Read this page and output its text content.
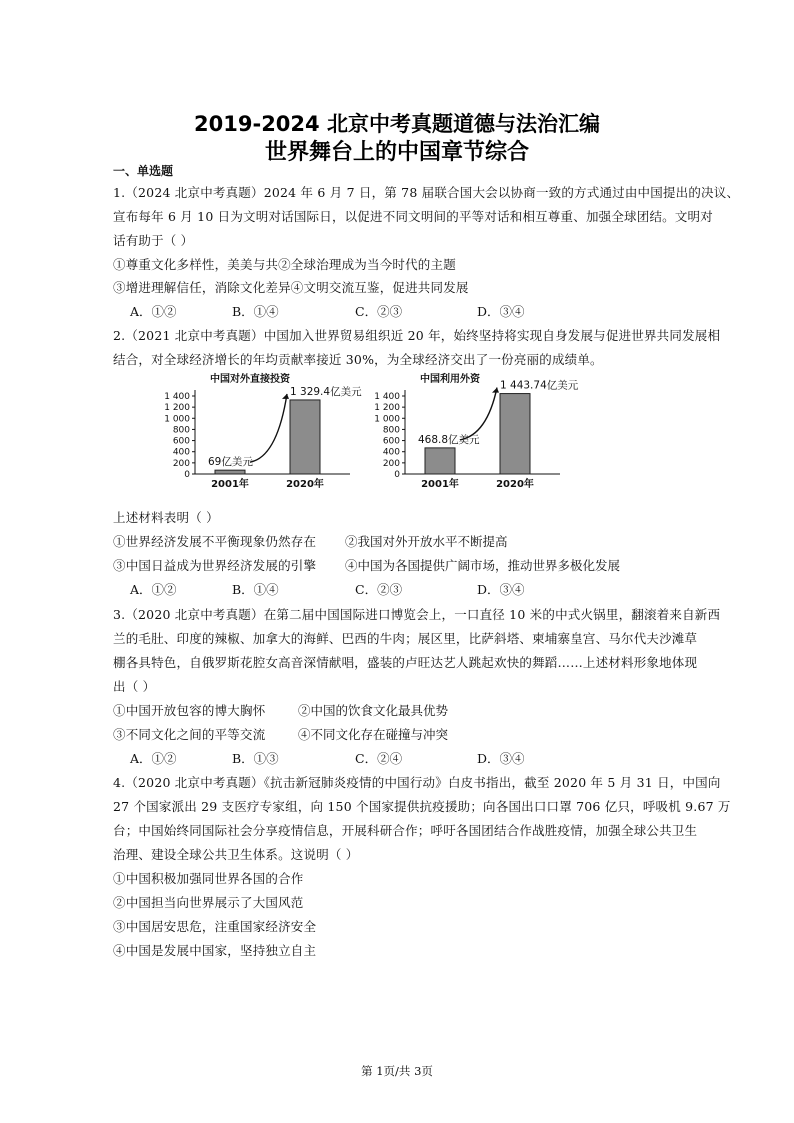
2019-2024 北京中考真题道德与法治汇编
世界舞台上的中国章节综合
一、单选题
1.（2024 北京中考真题）2024 年 6 月 7 日，第 78 届联合国大会以协商一致的方式通过由中国提出的决议、
宣布每年 6 月 10 日为文明对话国际日，以促进不同文明间的平等对话和相互尊重、加强全球团结。文明对
话有助于（ ）
①尊重文化多样性，美美与共②全球治理成为当今时代的主题
③增进理解信任，消除文化差异④文明交流互鉴，促进共同发展
A．①②	B．①④	C．②③	D．③④
2.（2021 北京中考真题）中国加入世界贸易组织近 20 年，始终坚持将实现自身发展与促进世界共同发展相
结合，对全球经济增长的年均贡献率接近 30%，为全球经济交出了一份亮丽的成绩单。
中国对外直接投资
0
200
400
600
800
1 000
1 200
1 400
2001年
69亿美元
2020年
1 329.4亿美元
中国利用外资
0
200
400
600
800
1 000
1 200
1 400
2001年
468.8亿美元
2020年
1 443.74亿美元
上述材料表明（ ）
①世界经济发展不平衡现象仍然存在 ②我国对外开放水平不断提高
③中国日益成为世界经济发展的引擎 ④中国为各国提供广阔市场，推动世界多极化发展
A．①②	B．①④	C．②③	D．③④
3.（2020 北京中考真题）在第二届中国国际进口博览会上，一口直径 10 米的中式火锅里，翻滚着来自新西
兰的毛肚、印度的辣椒、加拿大的海鲜、巴西的牛肉；展区里，比萨斜塔、柬埔寨皇宫、马尔代夫沙滩草
棚各具特色，自俄罗斯花腔女高音深情献唱，盛装的卢旺达艺人跳起欢快的舞蹈……上述材料形象地体现
出（ ）
①中国开放包容的博大胸怀	②中国的饮食文化最具优势
③不同文化之间的平等交流	④不同文化存在碰撞与冲突
A．①②	B．①③	C．②④	D．③④
4.（2020 北京中考真题）《抗击新冠肺炎疫情的中国行动》白皮书指出，截至 2020 年 5 月 31 日，中国向
27 个国家派出 29 支医疗专家组，向 150 个国家提供抗疫援助；向各国出口口罩 706 亿只，呼吸机 9.67 万
台；中国始终同国际社会分享疫情信息，开展科研合作；呼吁各国团结合作战胜疫情，加强全球公共卫生
治理、建设全球公共卫生体系。这说明（ ）
①中国积极加强同世界各国的合作
②中国担当向世界展示了大国风范
③中国居安思危，注重国家经济安全
④中国是发展中国家，坚持独立自主
第 1页/共 3页
